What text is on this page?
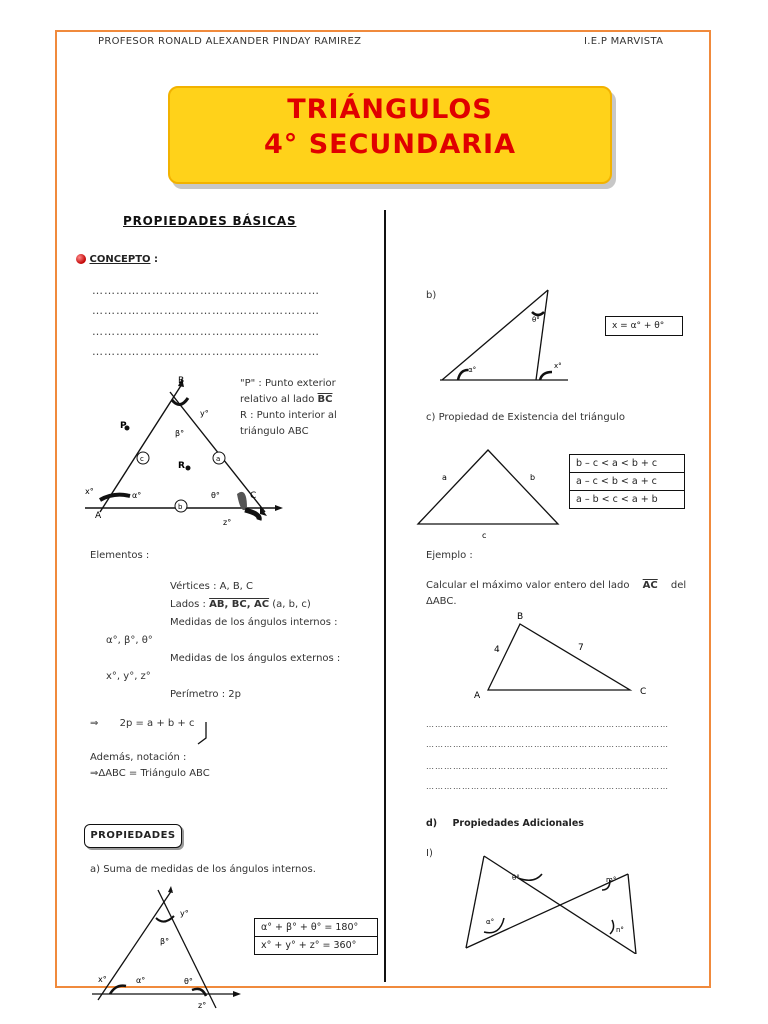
PROFESOR RONALD ALEXANDER PINDAY RAMIREZ	I.E.P MARVISTA
TRIÁNGULOS
4° SECUNDARIA
PROPIEDADES BÁSICAS
CONCEPTO :
…………………………………………………
…………………………………………………
…………………………………………………
…………………………………………………
B
A
C
P
R
c	a
b
β°
α°	θ°
x°
y°
z°
"P" : Punto exterior
relativo al lado $\overline{BC}$
R : Punto interior al
triángulo ABC
Elementos :
Vértices : A, B, C
Lados : AB, BC, AC (a, b, c)
Medidas de los ángulos internos :
α°, β°, θ°
Medidas de los ángulos externos :
x°, y°, z°
Perímetro : 2p
⇒ 2p = a + b + c
Además, notación :
⇒ΔABC = Triángulo ABC
PROPIEDADES
a) Suma de medidas de los ángulos internos.
y°
β°
x°	α°	θ°
z°
α° + β° + θ° = 180°
x° + y° + z° = 360°
b)
θ°
α°	x°
x = α° + θ°
c) Propiedad de Existencia del triángulo
a	b
c
b – c < a < b + c
a – c < b < a + c
a – b < c < a + b
Ejemplo :
Calcular el máximo valor entero del lado $\overline{AC}$ del
ΔABC.
B
A	C
4	7
………………………………………………………………………
………………………………………………………………………
………………………………………………………………………
………………………………………………………………………
d) Propiedades Adicionales
I)
θ°	m°
α°
n°
